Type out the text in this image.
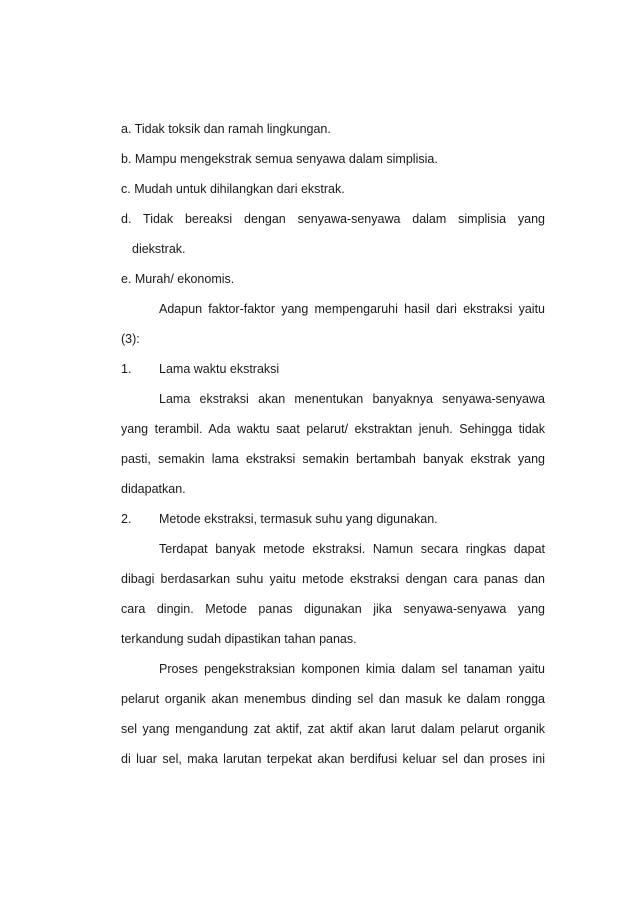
a. Tidak toksik dan ramah lingkungan.
b. Mampu mengekstrak semua senyawa dalam simplisia.
c. Mudah untuk dihilangkan dari ekstrak.
d. Tidak bereaksi dengan senyawa-senyawa dalam simplisia yang
diekstrak.
e. Murah/ ekonomis.
Adapun faktor-faktor yang mempengaruhi hasil dari ekstraksi yaitu
(3):
1.	Lama waktu ekstraksi
Lama ekstraksi akan menentukan banyaknya senyawa-senyawa
yang terambil. Ada waktu saat pelarut/ ekstraktan jenuh. Sehingga tidak
pasti, semakin lama ekstraksi semakin bertambah banyak ekstrak yang
didapatkan.
2.	Metode ekstraksi, termasuk suhu yang digunakan.
Terdapat banyak metode ekstraksi. Namun secara ringkas dapat
dibagi berdasarkan suhu yaitu metode ekstraksi dengan cara panas dan
cara dingin. Metode panas digunakan jika senyawa-senyawa yang
terkandung sudah dipastikan tahan panas.
Proses pengekstraksian komponen kimia dalam sel tanaman yaitu
pelarut organik akan menembus dinding sel dan masuk ke dalam rongga
sel yang mengandung zat aktif, zat aktif akan larut dalam pelarut organik
di luar sel, maka larutan terpekat akan berdifusi keluar sel dan proses ini
